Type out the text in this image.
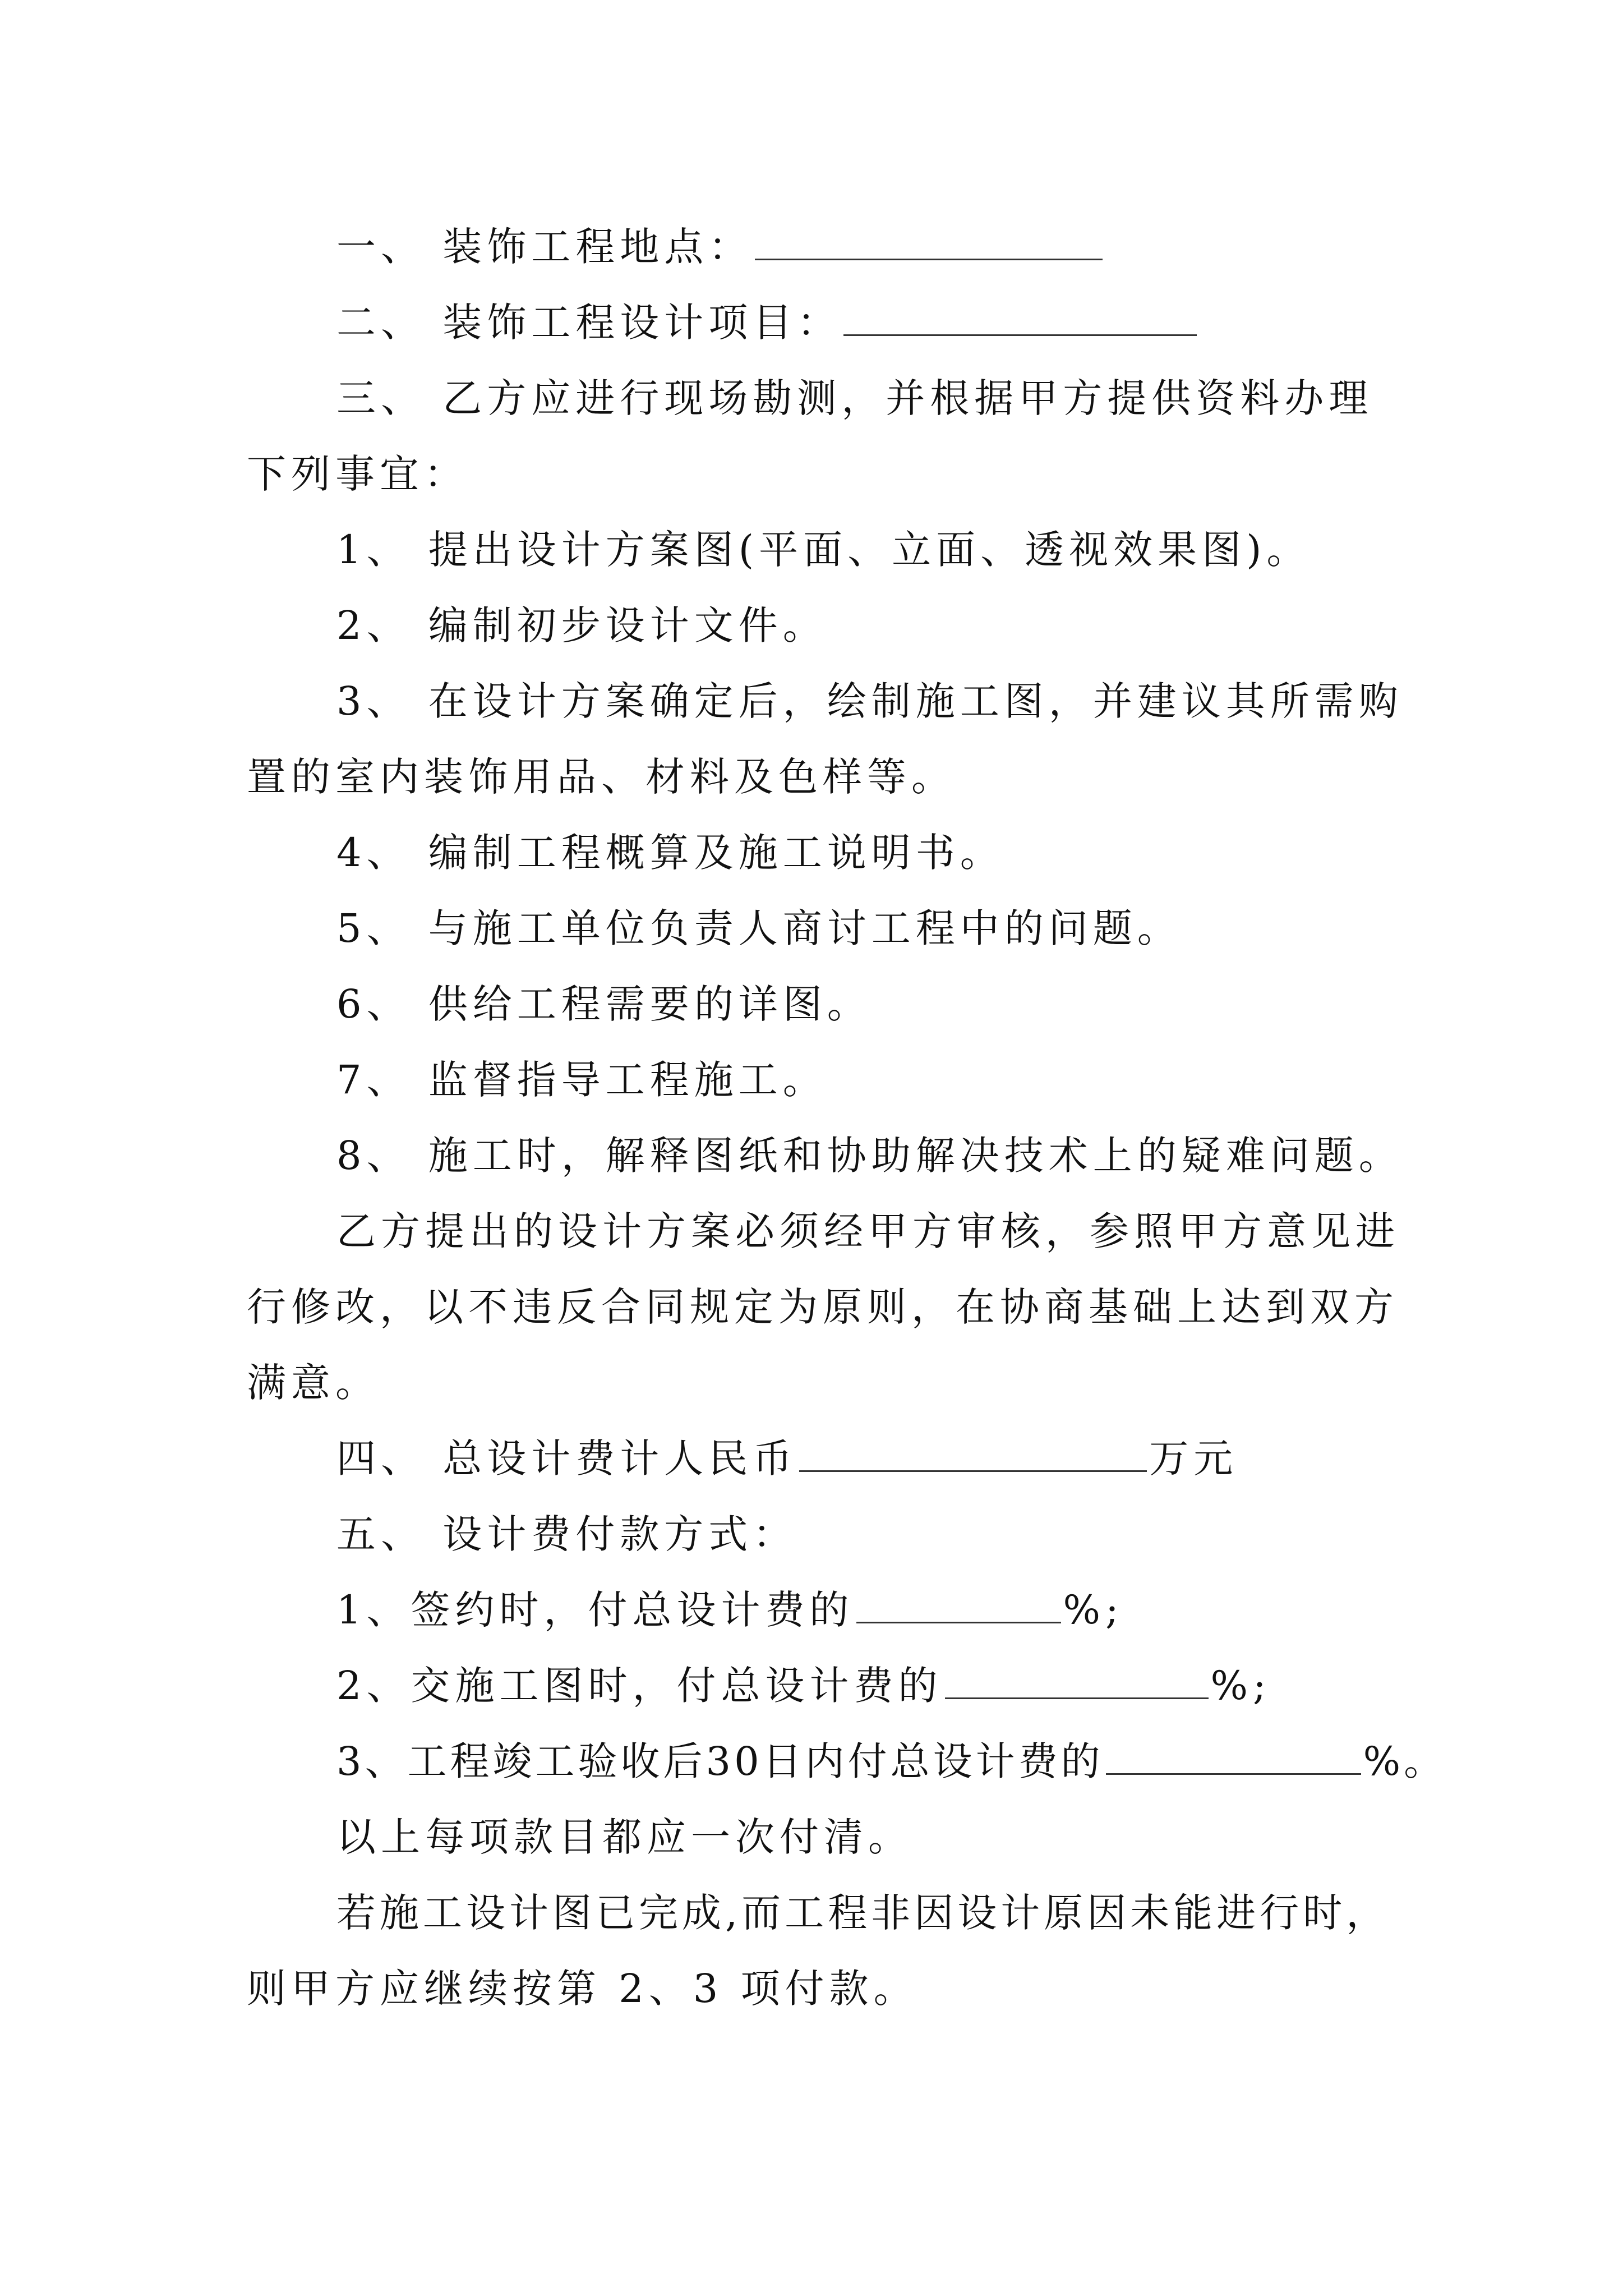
一、 装饰工程地点：
二、 装饰工程设计项目：
三、 乙方应进行现场勘测，并根据甲方提供资料办理
下列事宜：
1、 提出设计方案图(平面、立面、透视效果图)。
2、 编制初步设计文件。
3、 在设计方案确定后，绘制施工图，并建议其所需购
置的室内装饰用品、材料及色样等。
4、 编制工程概算及施工说明书。
5、 与施工单位负责人商讨工程中的问题。
6、 供给工程需要的详图。
7、 监督指导工程施工。
8、 施工时，解释图纸和协助解决技术上的疑难问题。
乙方提出的设计方案必须经甲方审核，参照甲方意见进
行修改，以不违反合同规定为原则，在协商基础上达到双方
满意。
四、 总设计费计人民币	万元
五、 设计费付款方式：
1、签约时，付总设计费的	%;
2、交施工图时，付总设计费的	%;
3、工程竣工验收后30日内付总设计费的	%。
以上每项款目都应一次付清。
若施工设计图已完成,而工程非因设计原因未能进行时，
则甲方应继续按第 2、3 项付款。
